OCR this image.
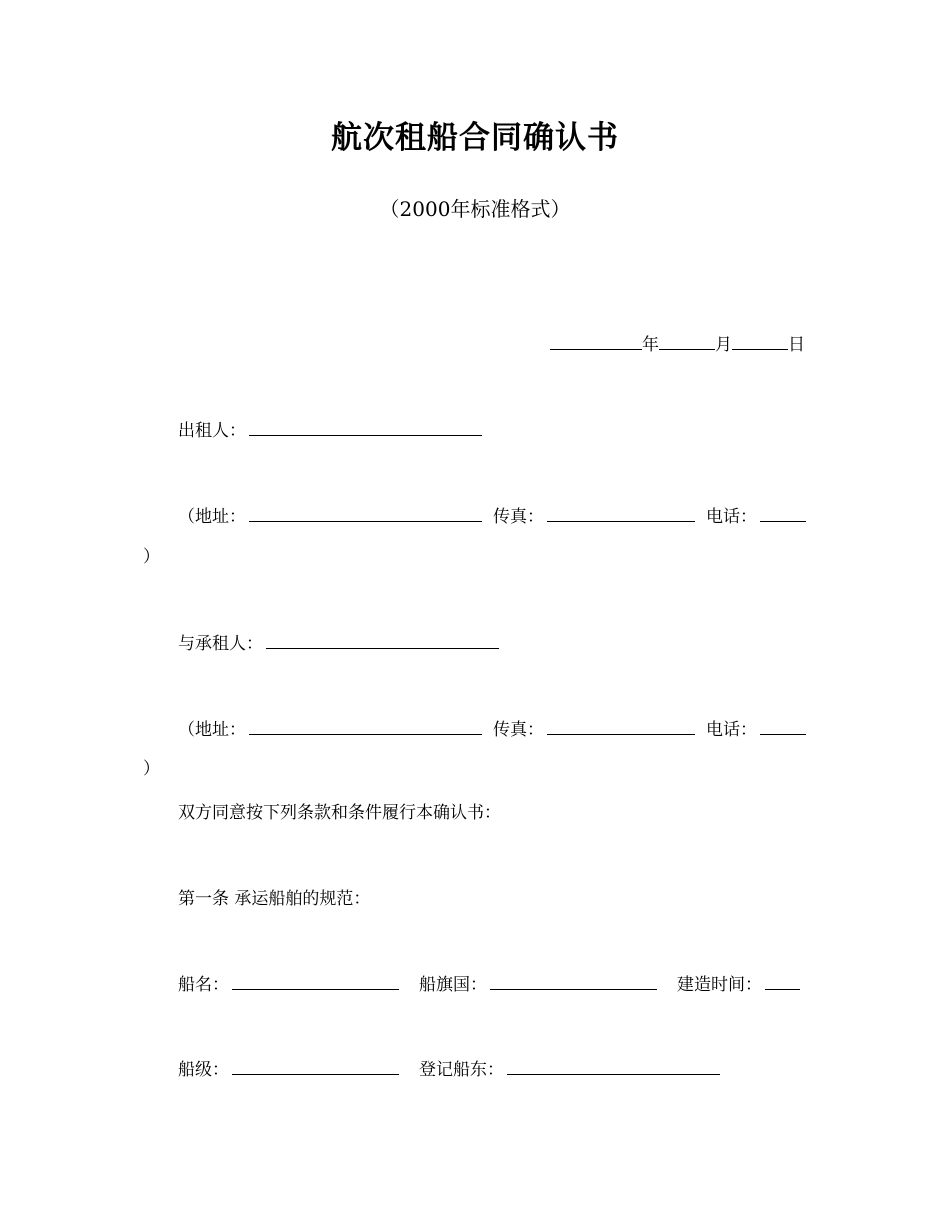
航次租船合同确认书
（2000年标准格式）
年	月	日
出租人：
（地址：	传真：	电话：
）
与承租人：
（地址：	传真：	电话：
）
双方同意按下列条款和条件履行本确认书：
第一条 承运船舶的规范：
船名：	船旗国：	建造时间：
船级：	登记船东：
